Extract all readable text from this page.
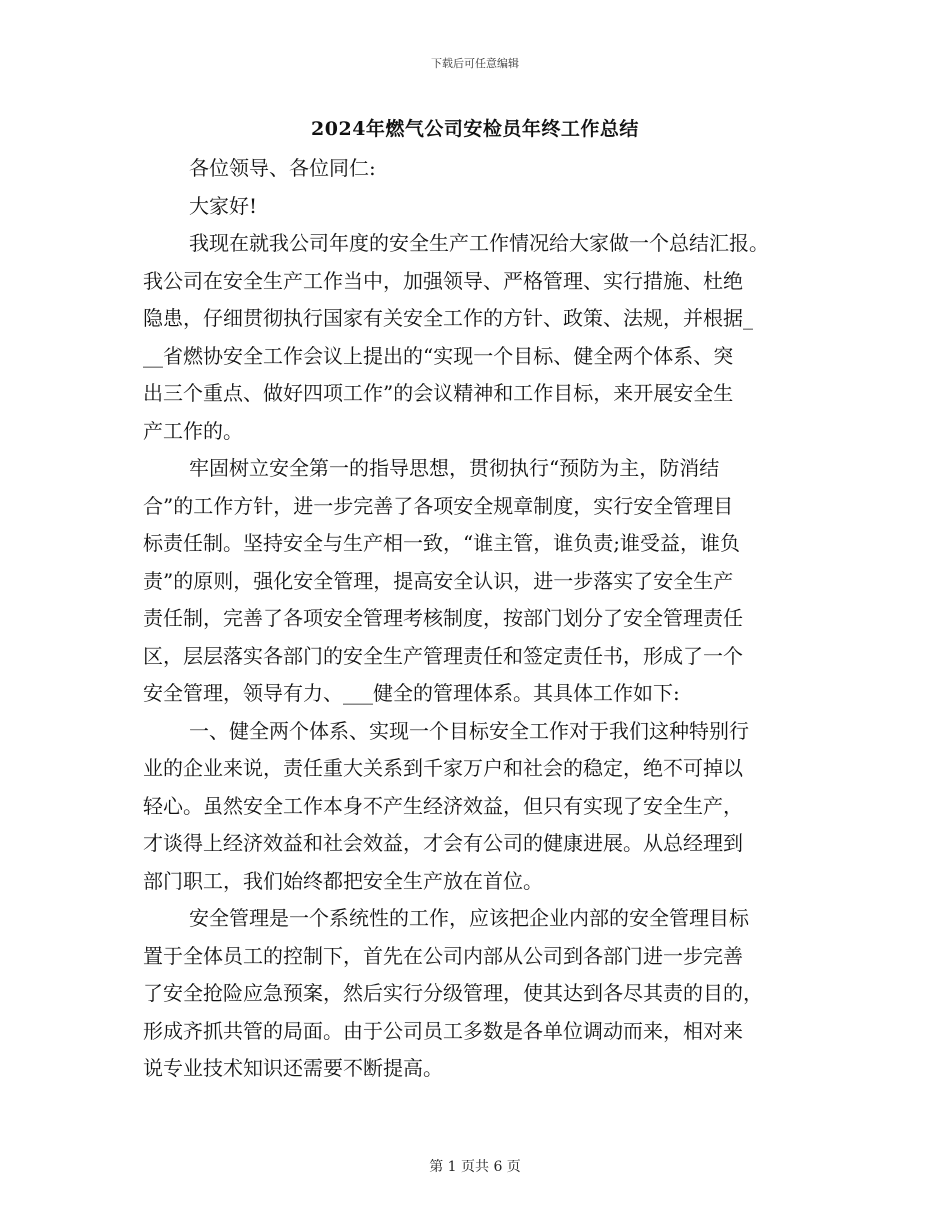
下载后可任意编辑
2024年燃气公司安检员年终工作总结
各位领导、各位同仁:
大家好!
我现在就我公司年度的安全生产工作情况给大家做一个总结汇报。
我公司在安全生产工作当中，加强领导、严格管理、实行措施、杜绝
隐患，仔细贯彻执行国家有关安全工作的方针、政策、法规，并根据_
__省燃协安全工作会议上提出的“实现一个目标、健全两个体系、突
出三个重点、做好四项工作”的会议精神和工作目标，来开展安全生
产工作的。
牢固树立安全第一的指导思想，贯彻执行“预防为主，防消结
合”的工作方针，进一步完善了各项安全规章制度，实行安全管理目
标责任制。坚持安全与生产相一致，“谁主管，谁负责;谁受益，谁负
责”的原则，强化安全管理，提高安全认识，进一步落实了安全生产
责任制，完善了各项安全管理考核制度，按部门划分了安全管理责任
区，层层落实各部门的安全生产管理责任和签定责任书，形成了一个
安全管理，领导有力、___健全的管理体系。其具体工作如下:
一、健全两个体系、实现一个目标安全工作对于我们这种特别行
业的企业来说，责任重大关系到千家万户和社会的稳定，绝不可掉以
轻心。虽然安全工作本身不产生经济效益，但只有实现了安全生产，
才谈得上经济效益和社会效益，才会有公司的健康进展。从总经理到
部门职工，我们始终都把安全生产放在首位。
安全管理是一个系统性的工作，应该把企业内部的安全管理目标
置于全体员工的控制下，首先在公司内部从公司到各部门进一步完善
了安全抢险应急预案，然后实行分级管理，使其达到各尽其责的目的，
形成齐抓共管的局面。由于公司员工多数是各单位调动而来，相对来
说专业技术知识还需要不断提高。
第 1 页共 6 页
